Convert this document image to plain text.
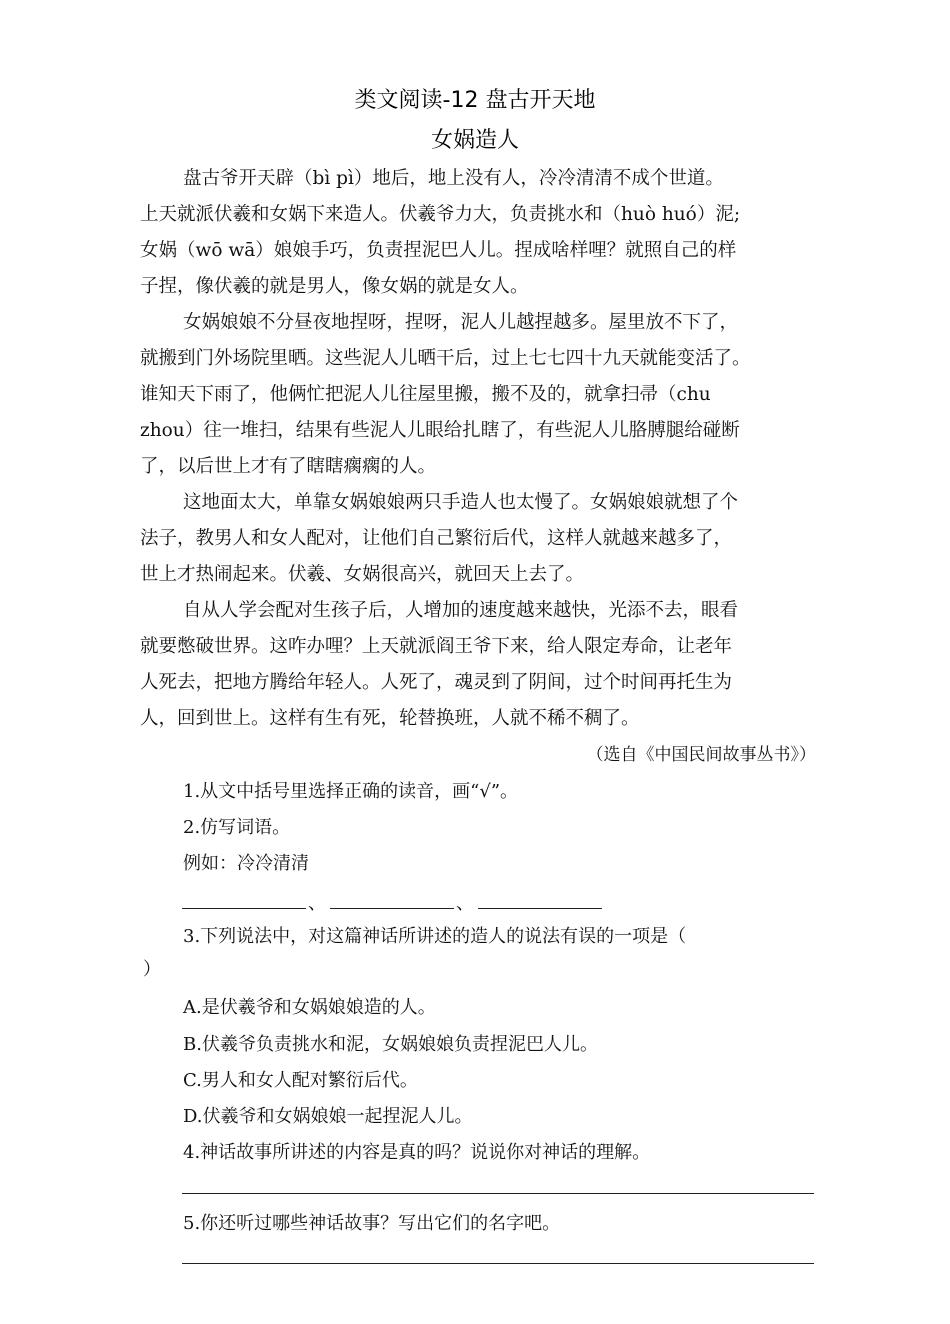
类文阅读-12 盘古开天地
女娲造人
盘古爷开天辟（bì pì）地后，地上没有人，冷冷清清不成个世道。
上天就派伏羲和女娲下来造人。伏羲爷力大，负责挑水和（huò huó）泥;
女娲（wō wā）娘娘手巧，负责捏泥巴人儿。捏成啥样哩？就照自己的样
子捏，像伏羲的就是男人，像女娲的就是女人。
女娲娘娘不分昼夜地捏呀，捏呀，泥人儿越捏越多。屋里放不下了，
就搬到门外场院里晒。这些泥人儿晒干后，过上七七四十九天就能变活了。
谁知天下雨了，他俩忙把泥人儿往屋里搬，搬不及的，就拿扫帚（chu
zhou）往一堆扫，结果有些泥人儿眼给扎瞎了，有些泥人儿胳膊腿给碰断
了，以后世上才有了瞎瞎瘸瘸的人。
这地面太大，单靠女娲娘娘两只手造人也太慢了。女娲娘娘就想了个
法子，教男人和女人配对，让他们自己繁衍后代，这样人就越来越多了，
世上才热闹起来。伏羲、女娲很高兴，就回天上去了。
自从人学会配对生孩子后，人增加的速度越来越快，光添不去，眼看
就要憋破世界。这咋办哩？上天就派阎王爷下来，给人限定寿命，让老年
人死去，把地方腾给年轻人。人死了，魂灵到了阴间，过个时间再托生为
人，回到世上。这样有生有死，轮替换班，人就不稀不稠了。
（选自《中国民间故事丛书》）
1.从文中括号里选择正确的读音，画“√”。
2.仿写词语。
例如：冷冷清清
、	、
3.下列说法中，对这篇神话所讲述的造人的说法有误的一项是（
）
A.是伏羲爷和女娲娘娘造的人。
B.伏羲爷负责挑水和泥，女娲娘娘负责捏泥巴人儿。
C.男人和女人配对繁衍后代。
D.伏羲爷和女娲娘娘一起捏泥人儿。
4.神话故事所讲述的内容是真的吗？说说你对神话的理解。
5.你还听过哪些神话故事？写出它们的名字吧。
